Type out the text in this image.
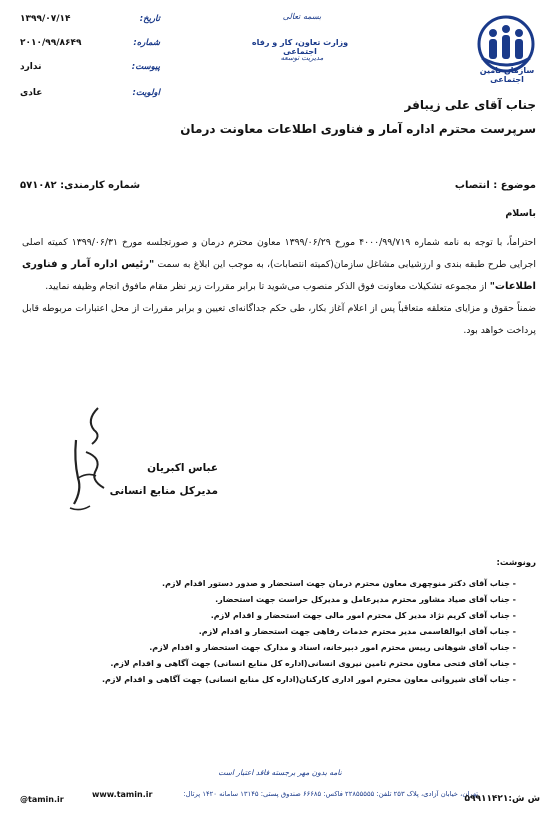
سازمان تامین اجتماعی
بسمه تعالی
وزارت تعاون، کار و رفاه اجتماعی
مدیریت توسعه
تاریخ:
۱۳۹۹/۰۷/۱۴
شماره:
۲۰۱۰/۹۹/۸۶۴۹
پیوست:
ندارد
اولویت:
عادی
جناب آقای علی زیبافر
سرپرست محترم اداره آمار و فناوری اطلاعات معاونت درمان
موضوع : انتصاب
شماره کارمندی: ۵۷۱۰۸۲
باسلام
احتراماً، با توجه به نامه شماره ۴۰۰۰/۹۹/۷۱۹ مورخ ۱۳۹۹/۰۶/۲۹ معاون محترم درمان و صورتجلسه مورخ ۱۳۹۹/۰۶/۳۱ کمیته اصلی اجرایی طرح طبقه بندی و ارزشیابی مشاغل سازمان(کمیته انتصابات)، به موجب این ابلاغ به سمت "رئیس اداره آمار و فناوری اطلاعات" از مجموعه تشکیلات معاونت فوق الذکر منصوب می‌شوید تا برابر مقررات زیر نظر مقام مافوق انجام وظیفه نمایید.
ضمناً حقوق و مزایای متعلقه متعاقباً پس از اعلام آغاز بکار، طی حکم جداگانه‌ای تعیین و برابر مقررات از محل اعتبارات مربوطه قابل پرداخت خواهد بود.
عباس اکبریان
مدیرکل منابع انسانی
رونوشت:
- جناب آقای دکتر منوچهری معاون محترم درمان جهت استحضار و صدور دستور اقدام لازم.
- جناب آقای صیاد مشاور محترم مدیرعامل و مدیرکل حراست جهت استحضار.
- جناب آقای کریم نژاد مدیر کل محترم امور مالی جهت استحضار و اقدام لازم.
- جناب آقای ابوالقاسمی مدیر محترم خدمات رفاهی جهت استحضار و اقدام لازم.
- جناب آقای شوهانی رییس محترم امور دبیرخانه، اسناد و مدارک جهت استحضار و اقدام لازم.
- جناب آقای فتحی معاون محترم تامین نیروی انسانی(اداره کل منابع انسانی) جهت آگاهی و اقدام لازم.
- جناب آقای شیروانی معاون محترم امور اداری کارکنان(اداره کل منابع انسانی) جهت آگاهی و اقدام لازم.
نامه بدون مهر برجسته فاقد اعتبار است
تهران، خیابان آزادی، پلاک ۲۵۳ تلفن: ۲۲۸۵۵۵۵۵ فاکس: ۶۶۶۸۵ صندوق پستی: ۱۳۱۴۵ سامانه ۱۴۲۰ پرتال:
www.tamin.ir
@tamin.ir	ش ش:۵۹۹۱۱۴۲۱
